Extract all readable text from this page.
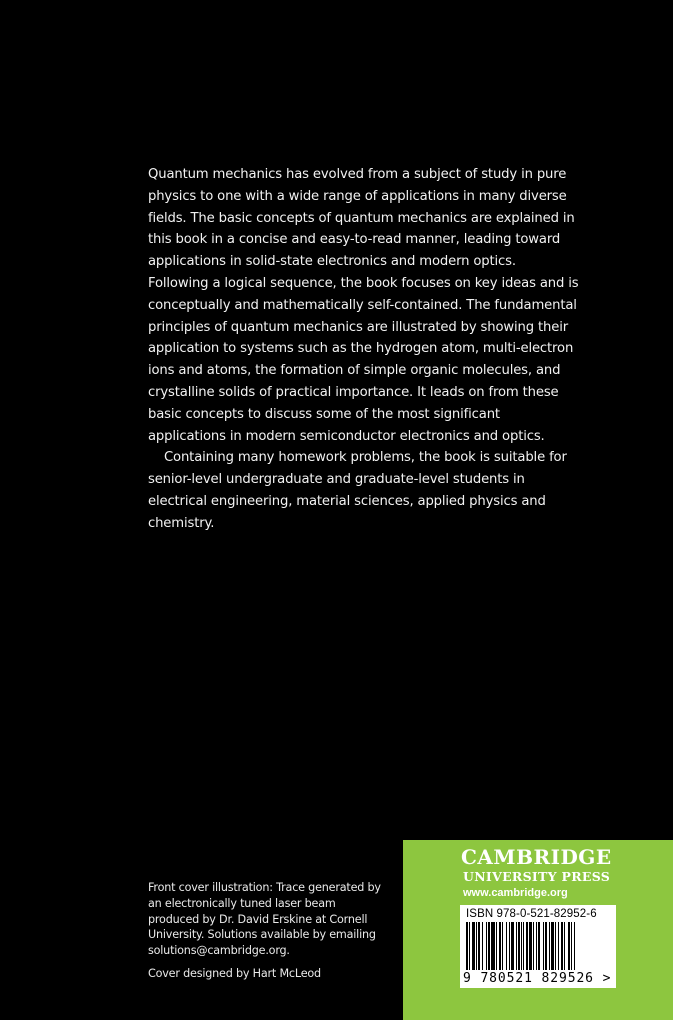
Quantum mechanics has evolved from a subject of study in pure physics to one with a wide range of applications in many diverse fields. The basic concepts of quantum mechanics are explained in this book in a concise and easy-to-read manner, leading toward applications in solid-state electronics and modern optics. Following a logical sequence, the book focuses on key ideas and is conceptually and mathematically self-contained. The fundamental principles of quantum mechanics are illustrated by showing their application to systems such as the hydrogen atom, multi-electron ions and atoms, the formation of simple organic molecules, and crystalline solids of practical importance. It leads on from these basic concepts to discuss some of the most significant applications in modern semiconductor electronics and optics.

Containing many homework problems, the book is suitable for senior-level undergraduate and graduate-level students in electrical engineering, material sciences, applied physics and chemistry.

Front cover illustration: Trace generated by an electronically tuned laser beam produced by Dr. David Erskine at Cornell University. Solutions available by emailing solutions@cambridge.org.

Cover designed by Hart McLeod

CAMBRIDGE
UNIVERSITY PRESS
www.cambridge.org
ISBN 978-0-521-82952-6
9 780521 829526 >
